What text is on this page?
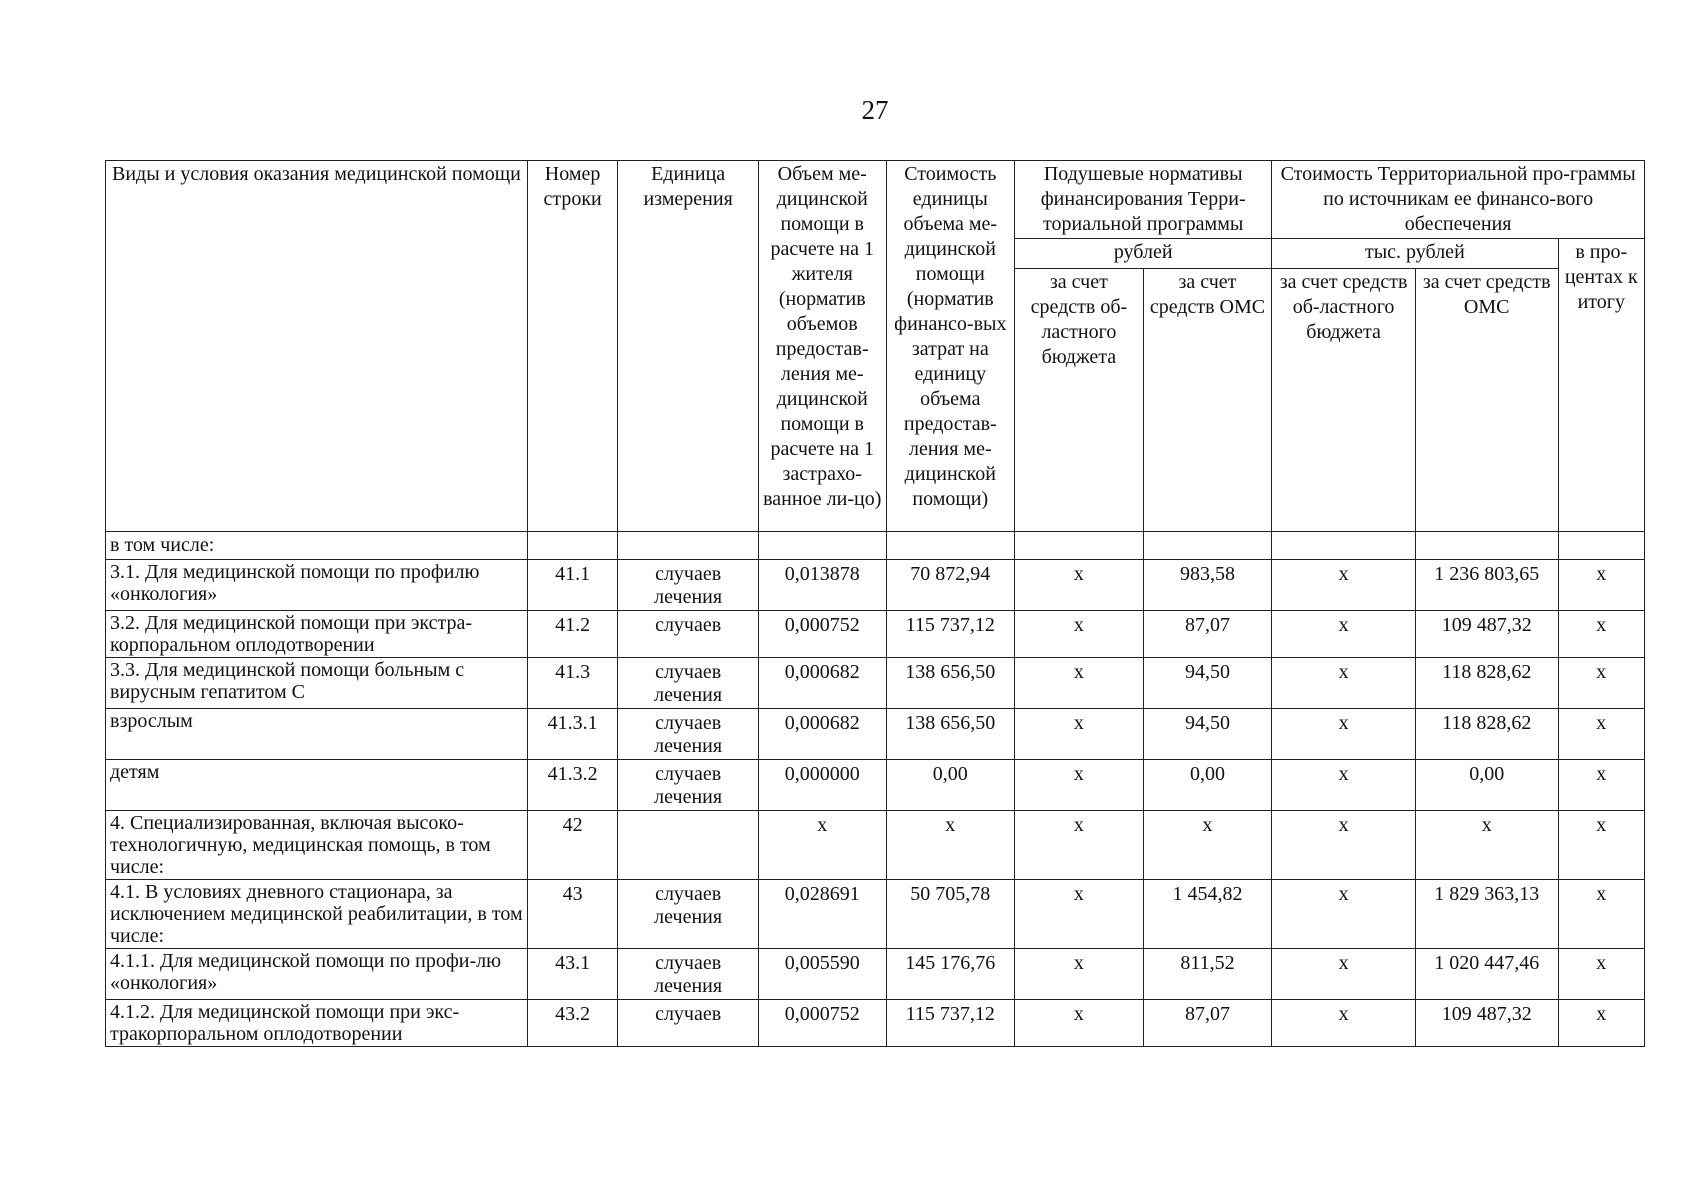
27
Виды и условия оказания медицинской помощи	Номер строки	Единица измерения	Объем ме-дицинской помощи в расчете на 1 жителя (норматив объемов предостав-ления ме-дицинской помощи в расчете на 1 застрахо-ванное ли-цо)	Стоимость единицы объема ме-дицинской помощи (норматив финансо-вых затрат на единицу объема предостав-ления ме-дицинской помощи)	Подушевые нормативы финансирования Терри-ториальной программы		Стоимость Территориальной про-граммы по источникам ее финансо-вого обеспечения		
					рублей		тыс. рублей		в про-центах к итогу
					за счет средств об-ластного бюджета	за счет средств ОМС	за счет средств об-ластного бюджета	за счет средств ОМС	
в том числе:									
3.1. Для медицинской помощи по профилю «онкология»	41.1	случаев лечения	0,013878	70 872,94	х	983,58	х	1 236 803,65	х
3.2. Для медицинской помощи при экстра-корпоральном оплодотворении	41.2	случаев	0,000752	115 737,12	х	87,07	х	109 487,32	х
3.3. Для медицинской помощи больным с вирусным гепатитом С	41.3	случаев лечения	0,000682	138 656,50	х	94,50	х	118 828,62	х
взрослым	41.3.1	случаев лечения	0,000682	138 656,50	х	94,50	х	118 828,62	х
детям	41.3.2	случаев лечения	0,000000	0,00	х	0,00	х	0,00	х
4. Специализированная, включая высоко-технологичную, медицинская помощь, в том числе:	42		х	х	х	х	х	х	х
4.1. В условиях дневного стационара, за исключением медицинской реабилитации, в том числе:	43	случаев лечения	0,028691	50 705,78	х	1 454,82	х	1 829 363,13	х
4.1.1. Для медицинской помощи по профи-лю «онкология»	43.1	случаев лечения	0,005590	145 176,76	х	811,52	х	1 020 447,46	х
4.1.2. Для медицинской помощи при экс-тракорпоральном оплодотворении	43.2	случаев	0,000752	115 737,12	х	87,07	х	109 487,32	х
